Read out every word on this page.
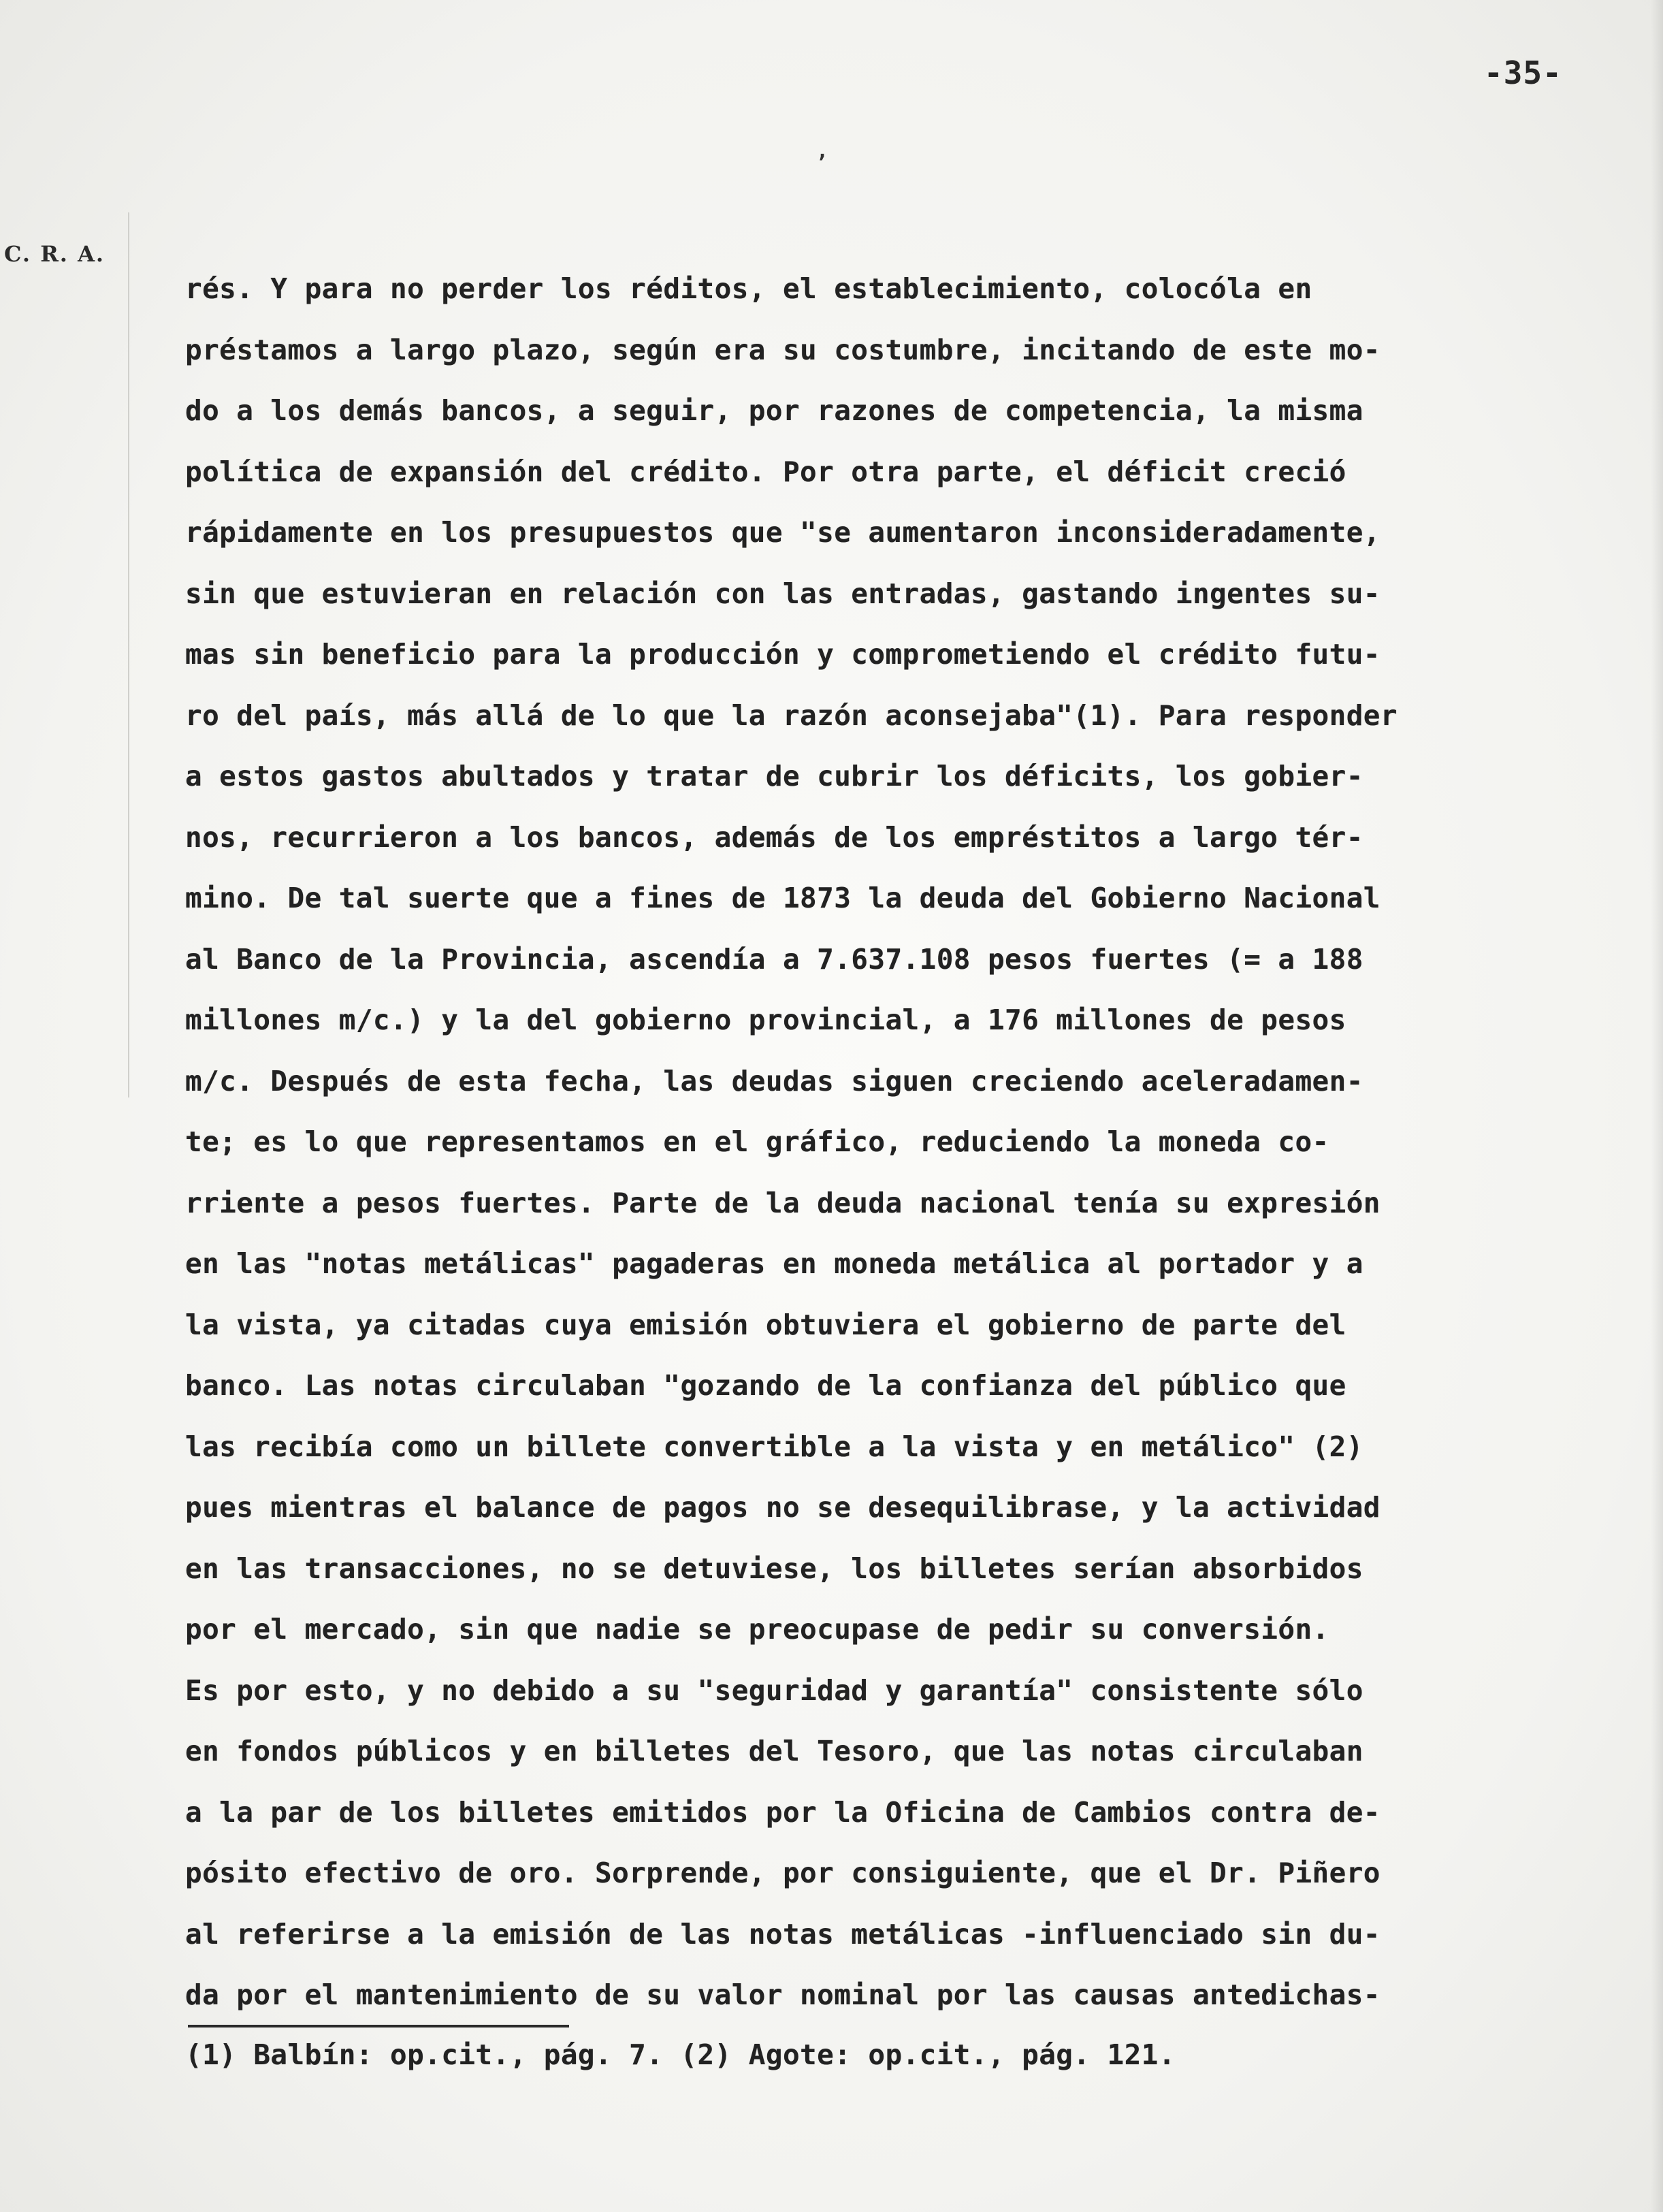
-35-
ʼ
C. R. A.
rés. Y para no perder los réditos, el establecimiento, colocóla en
préstamos a largo plazo, según era su costumbre, incitando de este mo-
do a los demás bancos, a seguir, por razones de competencia, la misma
política de expansión del crédito. Por otra parte, el déficit creció
rápidamente en los presupuestos que "se aumentaron inconsideradamente,
sin que estuvieran en relación con las entradas, gastando ingentes su-
mas sin beneficio para la producción y comprometiendo el crédito futu-
ro del país, más allá de lo que la razón aconsejaba"(1). Para responder
a estos gastos abultados y tratar de cubrir los déficits, los gobier-
nos, recurrieron a los bancos, además de los empréstitos a largo tér-
mino. De tal suerte que a fines de 1873 la deuda del Gobierno Nacional
al Banco de la Provincia, ascendía a 7.637.108 pesos fuertes (= a 188
millones m/c.) y la del gobierno provincial, a 176 millones de pesos
m/c. Después de esta fecha, las deudas siguen creciendo aceleradamen-
te; es lo que representamos en el gráfico, reduciendo la moneda co-
rriente a pesos fuertes. Parte de la deuda nacional tenía su expresión
en las "notas metálicas" pagaderas en moneda metálica al portador y a
la vista, ya citadas cuya emisión obtuviera el gobierno de parte del
banco. Las notas circulaban "gozando de la confianza del público que
las recibía como un billete convertible a la vista y en metálico" (2)
pues mientras el balance de pagos no se desequilibrase, y la actividad
en las transacciones, no se detuviese, los billetes serían absorbidos
por el mercado, sin que nadie se preocupase de pedir su conversión.
Es por esto, y no debido a su "seguridad y garantía" consistente sólo
en fondos públicos y en billetes del Tesoro, que las notas circulaban
a la par de los billetes emitidos por la Oficina de Cambios contra de-
pósito efectivo de oro. Sorprende, por consiguiente, que el Dr. Piñero
al referirse a la emisión de las notas metálicas -influenciado sin du-
da por el mantenimiento de su valor nominal por las causas antedichas-
(1) Balbín: op.cit., pág. 7. (2) Agote: op.cit., pág. 121.
